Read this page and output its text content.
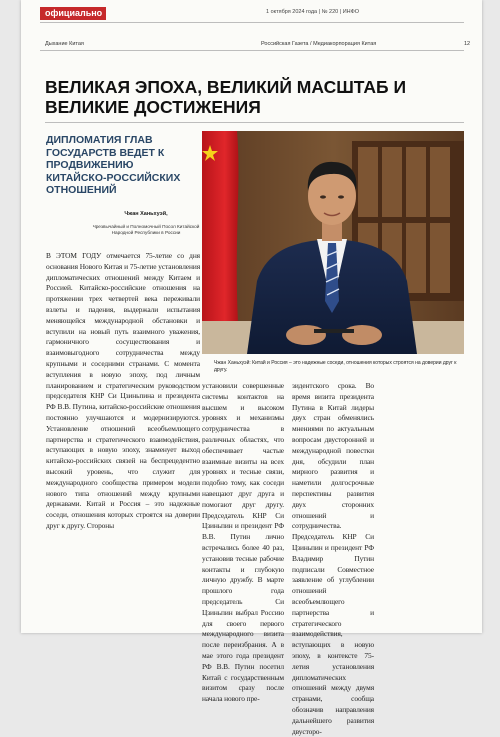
официально	1 октября 2024 года | № 220 | ИНФО
Дыхание Китая	Российская Газета / Медиакорпорация Китая	12
ВЕЛИКАЯ ЭПОХА, ВЕЛИКИЙ МАСШТАБ И ВЕЛИКИЕ ДОСТИЖЕНИЯ
ДИПЛОМАТИЯ ГЛАВ ГОСУДАРСТВ ВЕДЕТ К ПРОДВИЖЕНИЮ КИТАЙСКО-РОССИЙСКИХ ОТНОШЕНИЙ
Чжан Ханьхуэй,
Чрезвычайный и Полномочный Посол Китайской Народной Республики в России
Чжан Ханьхуэй: Китай и Россия – это надежные соседи, отношения которых строятся на доверии друг к другу.

В ЭТОМ ГОДУ отмечается 75-летие со дня основания Нового Китая и 75-летие установления дипломатических отношений между Китаем и Россией. Китайско-российские отношения на протяжении трех четвертей века переживали взлеты и падения, выдержали испытания меняющейся международной обстановки и вступили на новый путь взаимного уважения, гармоничного сосуществования и взаимовыгодного сотрудничества между крупными и соседними странами. С момента вступления в новую эпоху, под личным планированием и стратегическим руководством председателя КНР Си Цзиньпина и президента РФ В.В. Путина, китайско-российские отношения постоянно улучшаются и модернизируются. Установление отношений всеобъемлющего партнерства и стратегического взаимодействия, вступающих в новую эпоху, знаменует выход китайско-российских связей на беспрецедентно высокий уровень, что служит для международного сообщества примером модели нового типа отношений между крупными державами. Китай и Россия – это надежные соседи, отношения которых строятся на доверии друг к другу. Стороны

установили совершенные системы контактов на высшем и высоком уровнях и механизмы сотрудничества в различных областях, что обеспечивает частые взаимные визиты на всех уровнях и тесные связи, подобно тому, как соседи навещают друг друга и помогают друг другу. Председатель КНР Си Цзиньпин и президент РФ В.В. Путин лично встречались более 40 раз, установив тесные рабочие контакты и глубокую личную дружбу. В марте прошлого года председатель Си Цзиньпин выбрал Россию для своего первого международного визита после переизбрания. А в мае этого года президент РФ В.В. Путин посетил Китай с государственным визитом сразу после начала нового пре-

зидентского срока. Во время визита президента Путина в Китай лидеры двух стран обменялись мнениями по актуальным вопросам двусторонней и международной повестки дня, обсудили план мирного развития и наметили долгосрочные перспективы развития двух сторонних отношений и сотрудничества. Председатель КНР Си Цзиньпин и президент РФ Владимир Путин подписали Совместное заявление об углублении отношений всеобъемлющего партнерства и стратегического взаимодействия, вступающих в новую эпоху, в контексте 75-летия установления дипломатических отношений между двумя странами, сообща обозначив направления дальнейшего развития двусторо-
